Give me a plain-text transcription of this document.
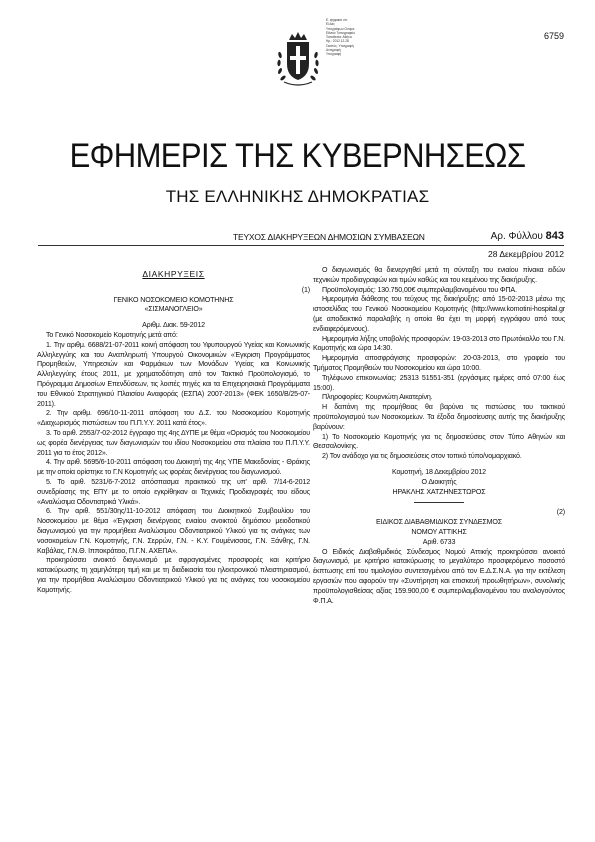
6759
Ε. ψηφιακά υπ.
Ελλάς
Υπογράφων-Ονομα:
Εθνικό Τυπογραφείο
Τοποθεσία: Αθήνα
Ημ.: 2012.12.28
Σκοπός: Υπογραφή
Αντιγραφή
Υπογραφή
ΕΦΗΜΕΡΙΣ ΤΗΣ ΚΥΒΕΡΝΗΣΕΩΣ
ΤΗΣ ΕΛΛΗΝΙΚΗΣ ΔΗΜΟΚΡΑΤΙΑΣ
ΤΕΥΧΟΣ ΔΙΑΚΗΡΥΞΕΩΝ ΔΗΜΟΣΙΩΝ ΣΥΜΒΑΣΕΩΝ	Αρ. Φύλλου 843
28 Δεκεμβρίου 2012
ΔΙΑΚΗΡΥΞΕΙΣ

(1)

ΓΕΝΙΚΟ ΝΟΣΟΚΟΜΕΙΟ ΚΟΜΟΤΗΝΗΣ

«ΣΙΣΜΑΝΟΓΛΕΙΟ»

Αριθμ. Διακ. 59-2012

Το Γενικό Νοσοκομείο Κομοτηνής μετά από:

1. Την αριθμ. 6688/21-07-2011 κοινή απόφαση του Υφυπουργού Υγείας και Κοινωνικής Αλληλεγγύης και του Αναπληρωτή Υπουργού Οικονομικών «Έγκριση Προγράμματος Προμηθειών, Υπηρεσιών και Φαρμάκων των Μονάδων Υγείας και Κοινωνικής Αλληλεγγύης έτους 2011, με χρηματοδότηση από τον Τακτικό Προϋπολογισμό, το Πρόγραμμα Δημοσίων Επενδύσεων, τις λοιπές πηγές και τα Επιχειρησιακά Προγράμματα του Εθνικού Στρατηγικού Πλαισίου Αναφοράς (ΕΣΠΑ) 2007-2013» (ΦΕΚ 1650/Β/25-07-2011).

2. Την αριθμ. 696/10-11-2011 απόφαση του Δ.Σ. του Νοσοκομείου Κομοτηνής «Διαχωρισμός πιστώσεων του Π.Π.Υ.Υ. 2011 κατά έτος».

3. Το αριθ. 2553/7-02-2012 έγγραφο της 4ης ΔΥΠΕ με θέμα «Ορισμός του Νοσοκομείου ως φορέα διενέργειας των διαγωνισμών του ιδίου Νοσοκομείου στα πλαίσια του Π.Π.Υ.Υ. 2011 για το έτος 2012».

4. Την αριθ. 5695/6-10-2011 απόφαση του Διοικητή της 4ης ΥΠΕ Μακεδονίας - Θράκης με την οποία ορίστηκε το Γ.Ν Κομοτηνής ως φορέας διενέργειας του διαγωνισμού.

5. Το αριθ. 5231/6-7-2012 απόσπασμα πρακτικού της υπ' αριθ. 7/14-6-2012 συνεδρίασης της ΕΠΥ με το οποίο εγκρίθηκαν οι Τεχνικές Προδιαγραφές του είδους «Αναλώσιμα Οδοντιατρικά Υλικά».

6. Την αριθ. 551/30ης/11-10-2012 απόφαση του Διοικητικού Συμβουλίου του Νοσοκομείου με θέμα «Έγκριση διενέργειας ενιαίου ανοικτού δημόσιου μειοδοτικού διαγωνισμού για την προμήθεια Αναλώσιμου Οδοντιατρικού Υλικού για τις ανάγκες των νοσοκομείων Γ.Ν. Κομοτηνής, Γ.Ν. Σερρών, Γ.Ν. - Κ.Υ. Γουμένισσας, Γ.Ν. Ξάνθης, Γ.Ν. Καβάλας, Γ.Ν.Θ. Ιπποκράτειο, Π.Γ.Ν. ΑΧΕΠΑ».

προκηρύσσει ανοικτό διαγωνισμό με σφραγισμένες προσφορές και κριτήριο κατακύρωσης τη χαμηλότερη τιμή και με τη διαδικασία του ηλεκτρονικού πλειστηριασμού, για την προμήθεια Αναλώσιμου Οδοντιατρικού Υλικού για τις ανάγκες του νοσοκομείου Κομοτηνής.

Ο διαγωνισμός θα διενεργηθεί μετά τη σύνταξη του ενιαίου πίνακα ειδών τεχνικών προδιαγραφών και τιμών καθώς και του κειμένου της διακήρυξης.

Προϋπολογισμός: 130.750,00€ συμπεριλαμβανομένου του ΦΠΑ.

Ημερομηνία διάθεσης του τεύχους της διακήρυξης: από 15-02-2013 μέσω της ιστοσελίδας του Γενικού Νοσοκομείου Κομοτηνής (http://www.komotini-hospital.gr (με αποδεικτικό παραλαβής η οποία θα έχει τη μορφή εγγράφου από τους ενδιαφερόμενους).

Ημερομηνία λήξης υποβολής προσφορών: 19-03-2013 στο Πρωτόκολλο του Γ.Ν. Κομοτηνής και ώρα 14:30.

Ημερομηνία αποσφράγισης προσφορών: 20-03-2013, στο γραφείο του Τμήματος Προμηθειών του Νοσοκομείου και ώρα 10:00.

Τηλέφωνο επικοινωνίας: 25313 51551-351 (εργάσιμες ημέρες από 07:00 έως 15:00).

Πληροφορίες: Κουρνιώτη Αικατερίνη.

Η δαπάνη της προμήθειας θα βαρύνει τις πιστώσεις του τακτικού προϋπολογισμού των Νοσοκομείων. Τα έξοδα δημοσίευσης αυτής της διακήρυξης βαρύνουν:

1) Το Νοσοκομείο Κομοτηνής για τις δημοσιεύσεις στον Τύπο Αθηνών και Θεσσαλονίκης.

2) Τον ανάδοχο για τις δημοσιεύσεις στον τοπικό τύπο/νομαρχιακό.

Κομοτηνή, 18 Δεκεμβρίου 2012

Ο Διοικητής

ΗΡΑΚΛΗΣ ΧΑΤΖΗΝΕΣΤΩΡΟΣ

(2)

ΕΙΔΙΚΟΣ ΔΙΑΒΑΘΜΙΔΙΚΟΣ ΣΥΝΔΕΣΜΟΣ

ΝΟΜΟΥ ΑΤΤΙΚΗΣ

Αριθ. 6733

Ο Ειδικός Διαβαθμιδικός Σύνδεσμος Νομού Αττικής προκηρύσσει ανοικτό διαγωνισμό, με κριτήριο κατακύρωσης το μεγαλύτερο προσφερόμενο ποσοστό έκπτωσης επί του τιμολογίου συντεταγμένου από τον Ε.Δ.Σ.Ν.Α. για την εκτέλεση εργασιών που αφορούν την «Συντήρηση και επισκευή προωθητήρων», συνολικής προϋπολογισθείσας αξίας 159.900,00 € συμπεριλαμβανομένου του αναλογούντος Φ.Π.Α.
